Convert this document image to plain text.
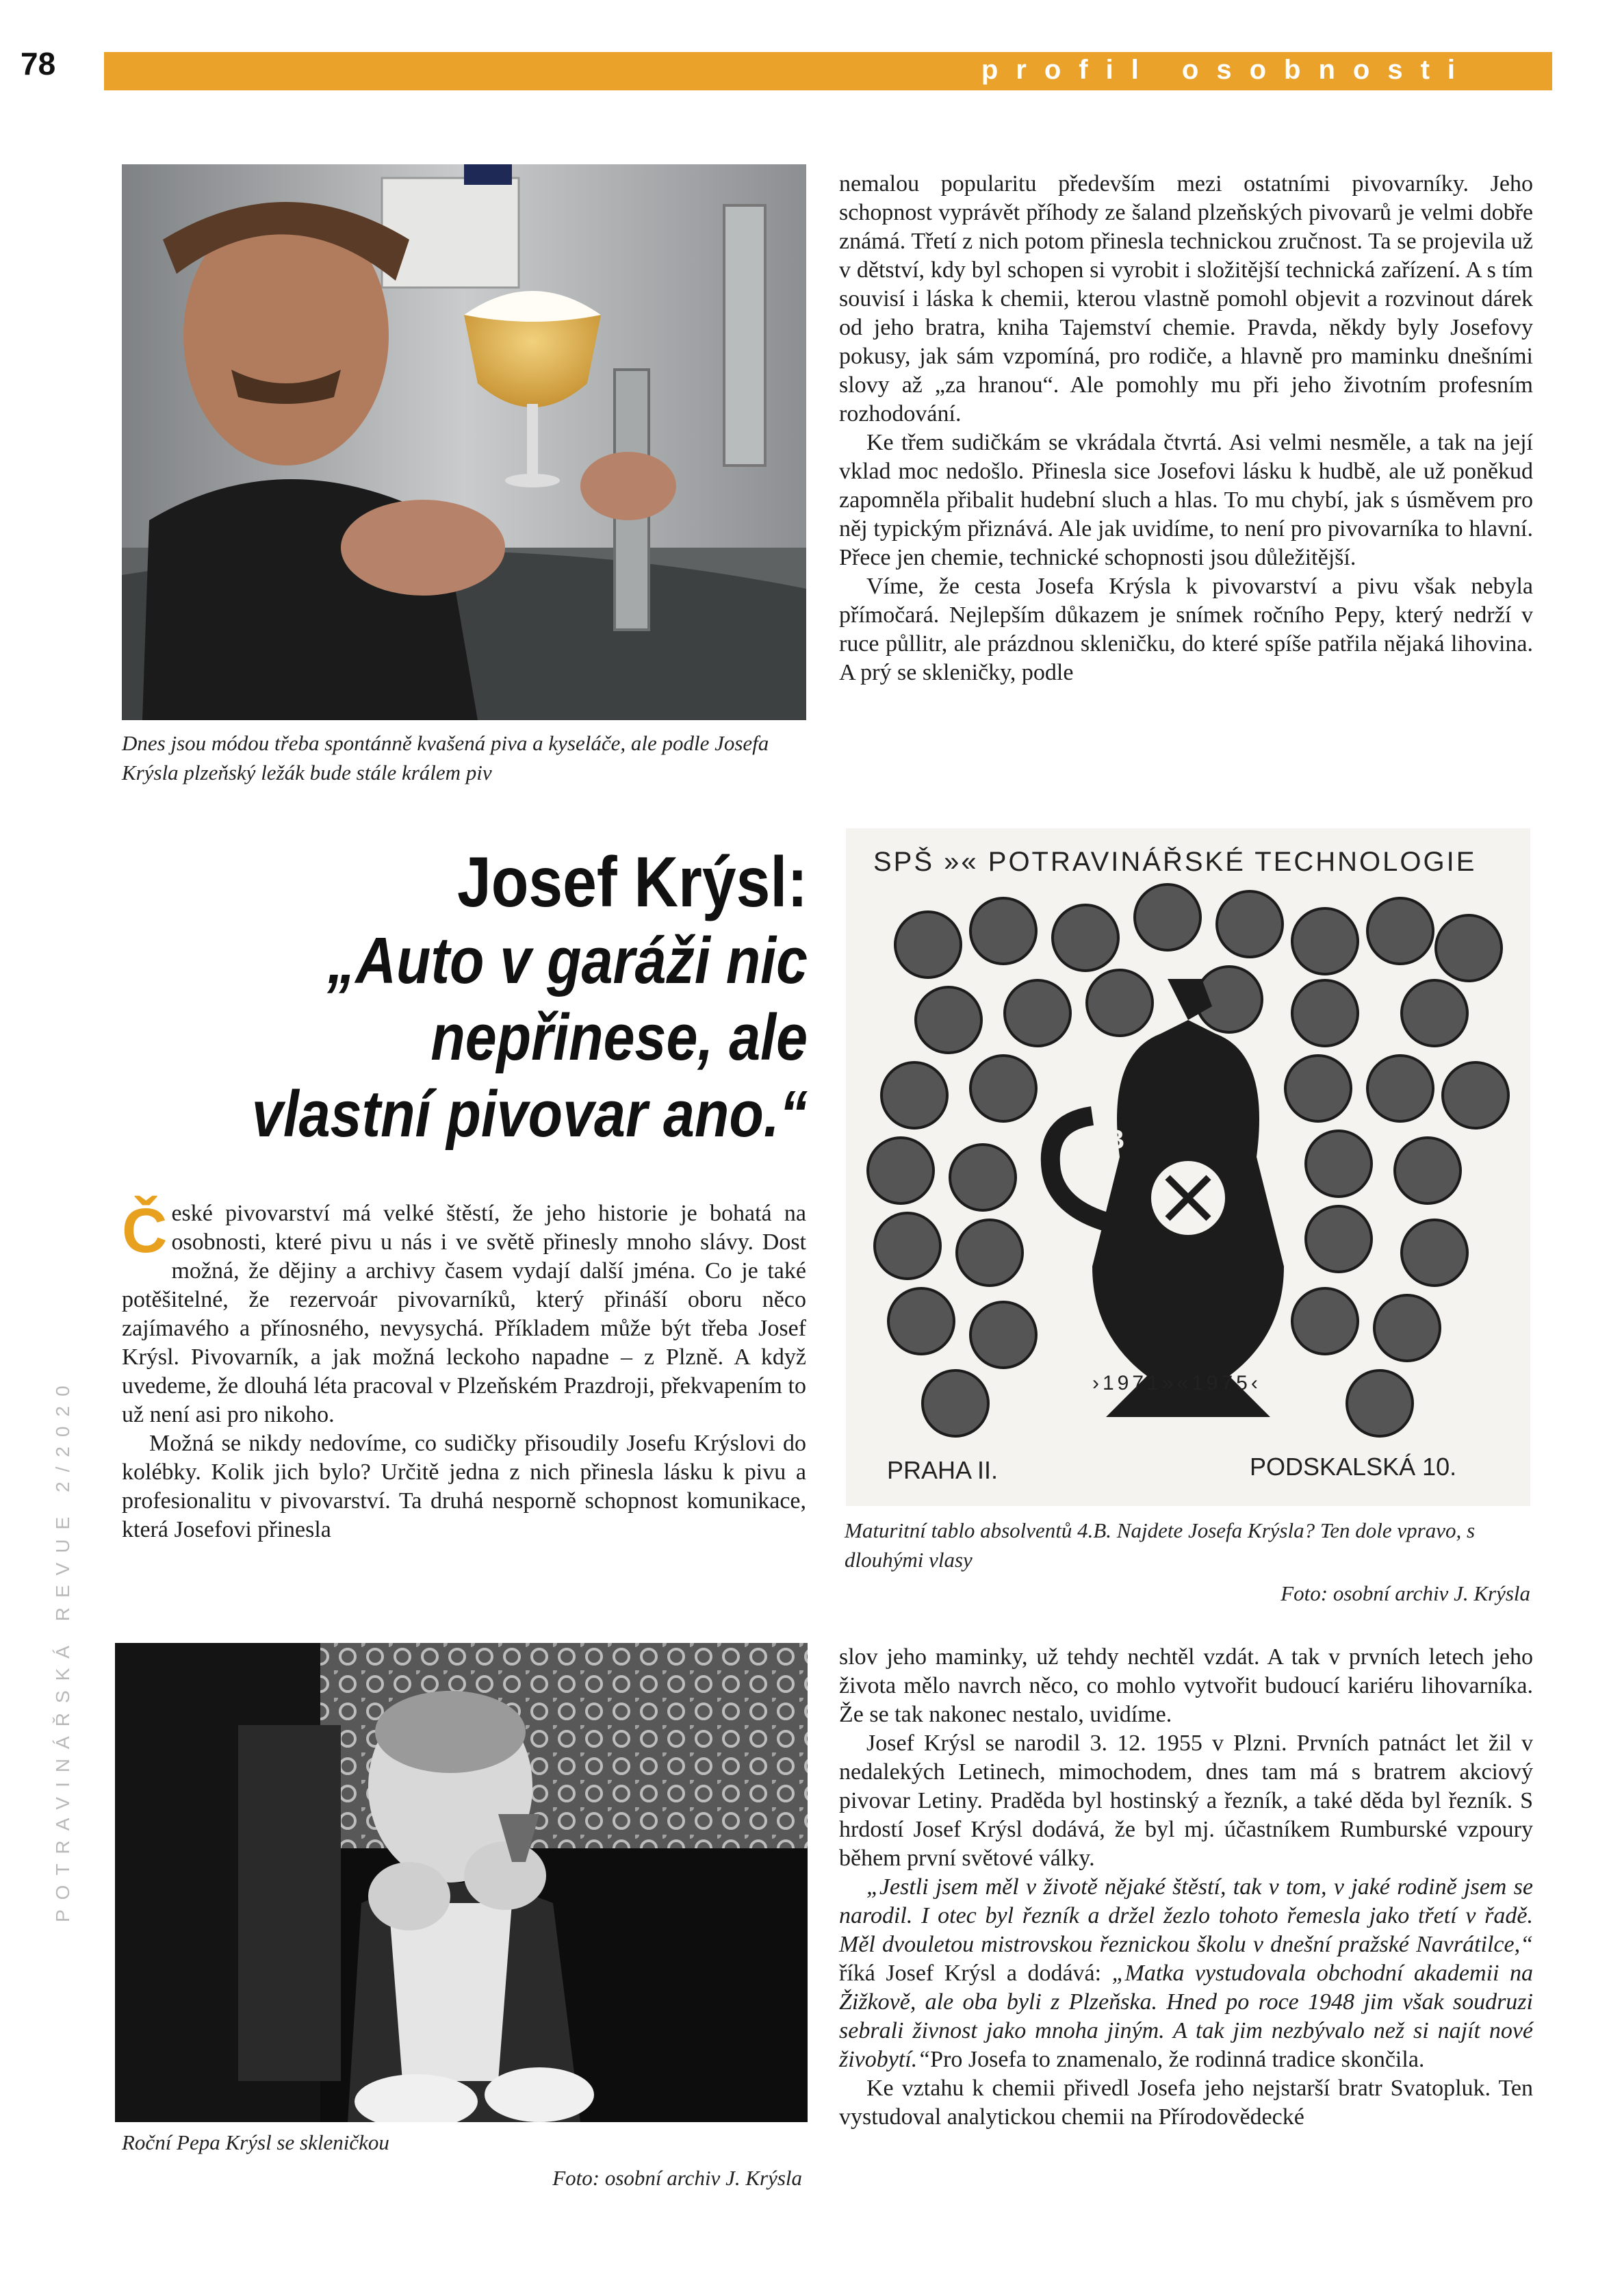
78	profil osobnosti
POTRAVINÁŘSKÁ REVUE 2/2020
Dnes jsou módou třeba spontánně kvašená piva a kyseláče, ale podle Josefa Krýsla plzeňský ležák bude stále králem piv
Josef Krýsl:
„Auto v garáži nic
nepřinese, ale
vlastní pivovar ano.“

České pivovarství má velké štěstí, že jeho historie je bohatá na osobnosti, které pivu u nás i ve světě přinesly mnoho slávy. Dost možná, že dějiny a archivy časem vydají další jména. Co je také potěšitelné, že rezervoár pivovarníků, který přináší oboru něco zajímavého a přínosného, nevysychá. Příkladem může být třeba Josef Krýsl. Pivovarník, a jak možná leckoho napadne – z Plzně. A když uvedeme, že dlouhá léta pracoval v Plzeňském Prazdroji, překvapením to už není asi pro nikoho.

Možná se nikdy nedovíme, co sudičky přisoudily Josefu Krýslovi do kolébky. Kolik jich bylo? Určitě jedna z nich přinesla lásku k pivu a profesionalitu v pivovarství. Ta druhá nesporně schopnost komunikace, která Josefovi přinesla

Roční Pepa Krýsl se skleničkou
Foto: osobní archiv J. Krýsla

nemalou popularitu především mezi ostatními pivovarníky. Jeho schopnost vyprávět příhody ze šaland plzeňských pivovarů je velmi dobře známá. Třetí z nich potom přinesla technickou zručnost. Ta se projevila už v dětství, kdy byl schopen si vyrobit i složitější technická zařízení. A s tím souvisí i láska k chemii, kterou vlastně pomohl objevit a rozvinout dárek od jeho bratra, kniha Tajemství chemie. Pravda, někdy byly Josefovy pokusy, jak sám vzpomíná, pro rodiče, a hlavně pro maminku dnešními slovy až „za hranou“. Ale pomohly mu při jeho životním profesním rozhodování.

Ke třem sudičkám se vkrádala čtvrtá. Asi velmi nesměle, a tak na její vklad moc nedošlo. Přinesla sice Josefovi lásku k hudbě, ale už poněkud zapomněla přibalit hudební sluch a hlas. To mu chybí, jak s úsměvem pro něj typickým přiznává. Ale jak uvidíme, to není pro pivovarníka to hlavní. Přece jen chemie, technické schopnosti jsou důležitější.

Víme, že cesta Josefa Krýsla k pivovarství a pivu však nebyla přímočará. Nejlepším důkazem je snímek ročního Pepy, který nedrží v ruce půllitr, ale prázdnou skleničku, do které spíše patřila nějaká lihovina. A prý se skleničky, podle

SPŠ »« POTRAVINÁŘSKÉ TECHNOLOGIE
4.B
›1971»«1975‹
PRAHA II.	PODSKALSKÁ 10.
Maturitní tablo absolventů 4.B. Najdete Josefa Krýsla? Ten dole vpravo, s dlouhými vlasy
Foto: osobní archiv J. Krýsla

slov jeho maminky, už tehdy nechtěl vzdát. A tak v prvních letech jeho života mělo navrch něco, co mohlo vytvořit budoucí kariéru lihovarníka. Že se tak nakonec nestalo, uvidíme.

Josef Krýsl se narodil 3. 12. 1955 v Plzni. Prvních patnáct let žil v nedalekých Letinech, mimochodem, dnes tam má s bratrem akciový pivovar Letiny. Praděda byl hostinský a řezník, a také děda byl řezník. S hrdostí Josef Krýsl dodává, že byl mj. účastníkem Rumburské vzpoury během první světové války.

„Jestli jsem měl v životě nějaké štěstí, tak v tom, v jaké rodině jsem se narodil. I otec byl řezník a držel žezlo tohoto řemesla jako třetí v řadě. Měl dvouletou mistrovskou řeznickou školu v dnešní pražské Navrátilce,“ říká Josef Krýsl a dodává: „Matka vystudovala obchodní akademii na Žižkově, ale oba byli z Plzeňska. Hned po roce 1948 jim však soudruzi sebrali živnost jako mnoha jiným. A tak jim nezbývalo než si najít nové živobytí.“Pro Josefa to znamenalo, že rodinná tradice skončila.

Ke vztahu k chemii přivedl Josefa jeho nejstarší bratr Svatopluk. Ten vystudoval analytickou chemii na Přírodovědecké
